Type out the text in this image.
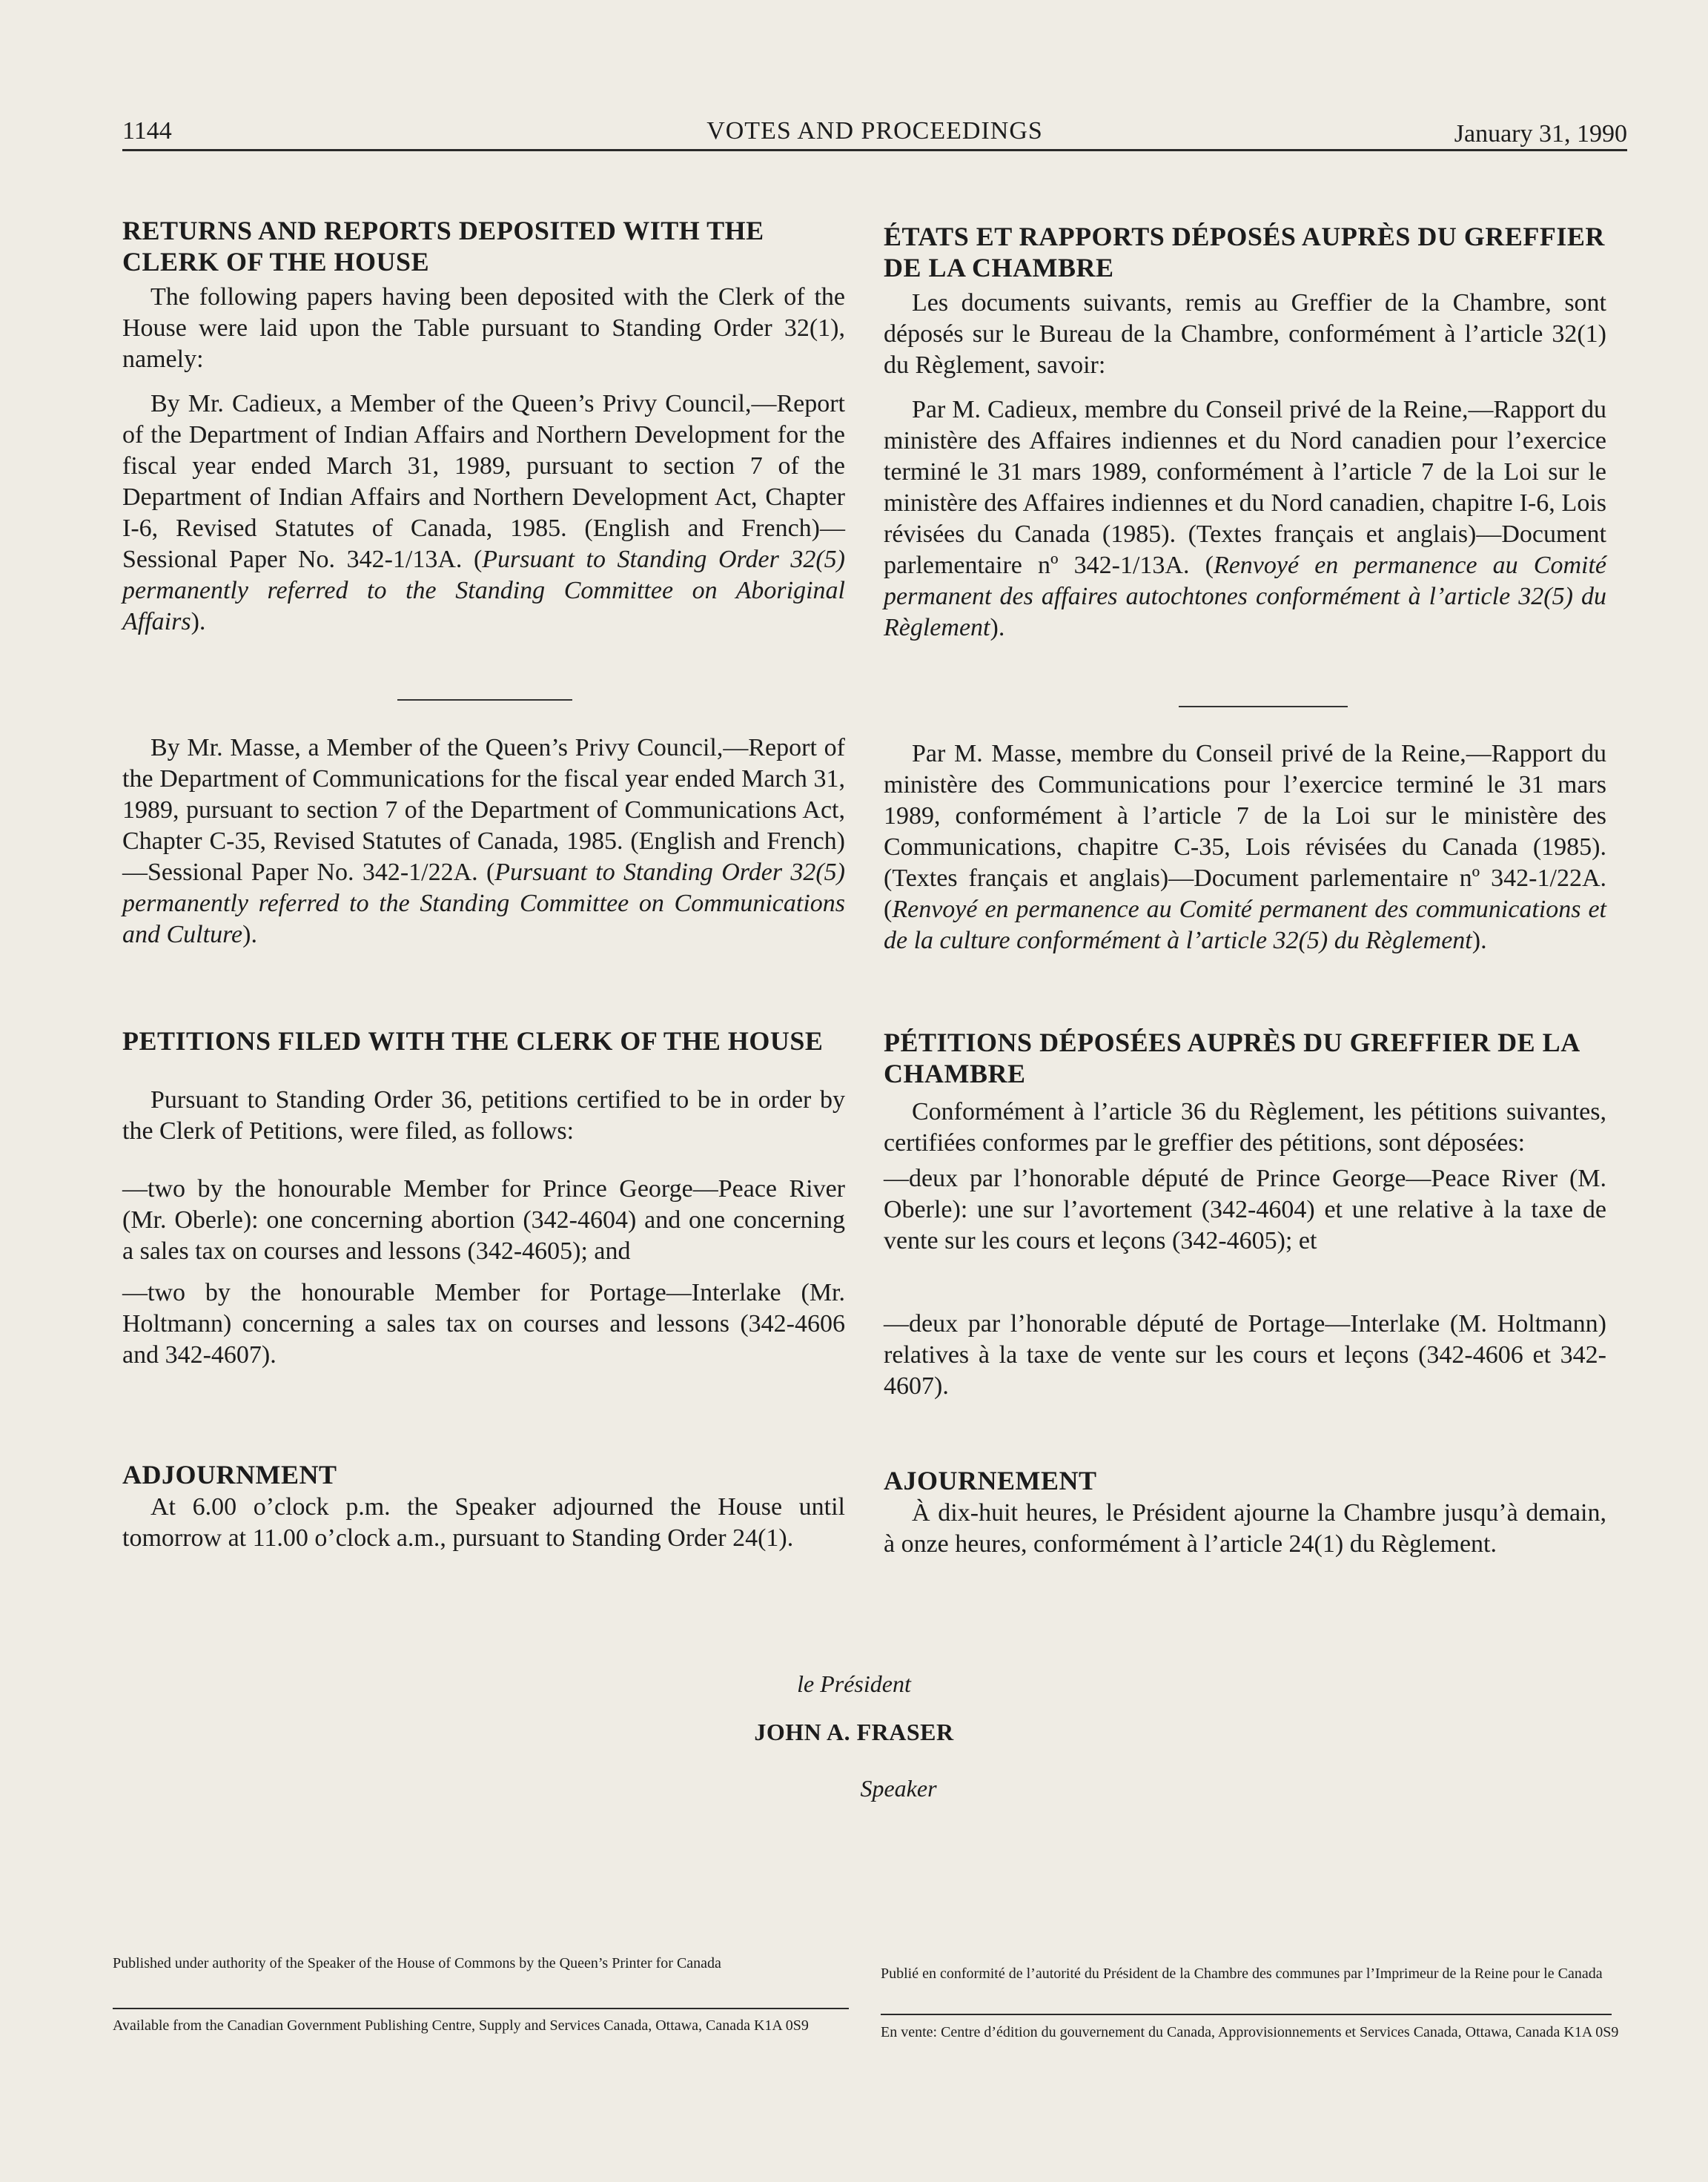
1144	VOTES AND PROCEEDINGS	January 31, 1990
RETURNS AND REPORTS DEPOSITED WITH THE CLERK OF THE HOUSE

The following papers having been deposited with the Clerk of the House were laid upon the Table pursuant to Standing Order 32(1), namely:

By Mr. Cadieux, a Member of the Queen’s Privy Council,—Report of the Department of Indian Affairs and Northern Development for the fiscal year ended March 31, 1989, pursuant to section 7 of the Department of Indian Affairs and Northern Development Act, Chapter I-6, Revised Statutes of Canada, 1985. (English and French)—Sessional Paper No. 342-1/13A. (Pursuant to Standing Order 32(5) permanently referred to the Standing Committee on Aboriginal Affairs).

By Mr. Masse, a Member of the Queen’s Privy Council,—Report of the Department of Communications for the fiscal year ended March 31, 1989, pursuant to section 7 of the Department of Communications Act, Chapter C-35, Revised Statutes of Canada, 1985. (English and French)—Sessional Paper No. 342-1/22A. (Pursuant to Standing Order 32(5) permanently referred to the Standing Committee on Communications and Culture).

PETITIONS FILED WITH THE CLERK OF THE HOUSE

Pursuant to Standing Order 36, petitions certified to be in order by the Clerk of Petitions, were filed, as follows:

—two by the honourable Member for Prince George—Peace River (Mr. Oberle): one concerning abortion (342-4604) and one concerning a sales tax on courses and lessons (342-4605); and

—two by the honourable Member for Portage—Interlake (Mr. Holtmann) concerning a sales tax on courses and lessons (342-4606 and 342-4607).

ADJOURNMENT

At 6.00 o’clock p.m. the Speaker adjourned the House until tomorrow at 11.00 o’clock a.m., pursuant to Standing Order 24(1).

ÉTATS ET RAPPORTS DÉPOSÉS AUPRÈS DU GREFFIER DE LA CHAMBRE

Les documents suivants, remis au Greffier de la Chambre, sont déposés sur le Bureau de la Chambre, conformément à l’article 32(1) du Règlement, savoir:

Par M. Cadieux, membre du Conseil privé de la Reine,—Rapport du ministère des Affaires indiennes et du Nord canadien pour l’exercice terminé le 31 mars 1989, conformément à l’article 7 de la Loi sur le ministère des Affaires indiennes et du Nord canadien, chapitre I-6, Lois révisées du Canada (1985). (Textes français et anglais)—Document parlementaire nº 342-1/13A. (Renvoyé en permanence au Comité permanent des affaires autochtones conformément à l’article 32(5) du Règlement).

Par M. Masse, membre du Conseil privé de la Reine,—Rapport du ministère des Communications pour l’exercice terminé le 31 mars 1989, conformément à l’article 7 de la Loi sur le ministère des Communications, chapitre C-35, Lois révisées du Canada (1985). (Textes français et anglais)—Document parlementaire nº 342-1/22A. (Renvoyé en permanence au Comité permanent des communications et de la culture conformément à l’article 32(5) du Règlement).

PÉTITIONS DÉPOSÉES AUPRÈS DU GREFFIER DE LA CHAMBRE

Conformément à l’article 36 du Règlement, les pétitions suivantes, certifiées conformes par le greffier des pétitions, sont déposées:

—deux par l’honorable député de Prince George—Peace River (M. Oberle): une sur l’avortement (342-4604) et une relative à la taxe de vente sur les cours et leçons (342-4605); et

—deux par l’honorable député de Portage—Interlake (M. Holtmann) relatives à la taxe de vente sur les cours et leçons (342-4606 et 342-4607).

AJOURNEMENT

À dix-huit heures, le Président ajourne la Chambre jusqu’à demain, à onze heures, conformément à l’article 24(1) du Règlement.

le Président
JOHN A. FRASER
Speaker
Published under authority of the Speaker of the House of Commons by the Queen’s Printer for Canada
Available from the Canadian Government Publishing Centre, Supply and Services Canada, Ottawa, Canada K1A 0S9
Publié en conformité de l’autorité du Président de la Chambre des communes par l’Imprimeur de la Reine pour le Canada
En vente: Centre d’édition du gouvernement du Canada, Approvisionnements et Services Canada, Ottawa, Canada K1A 0S9
